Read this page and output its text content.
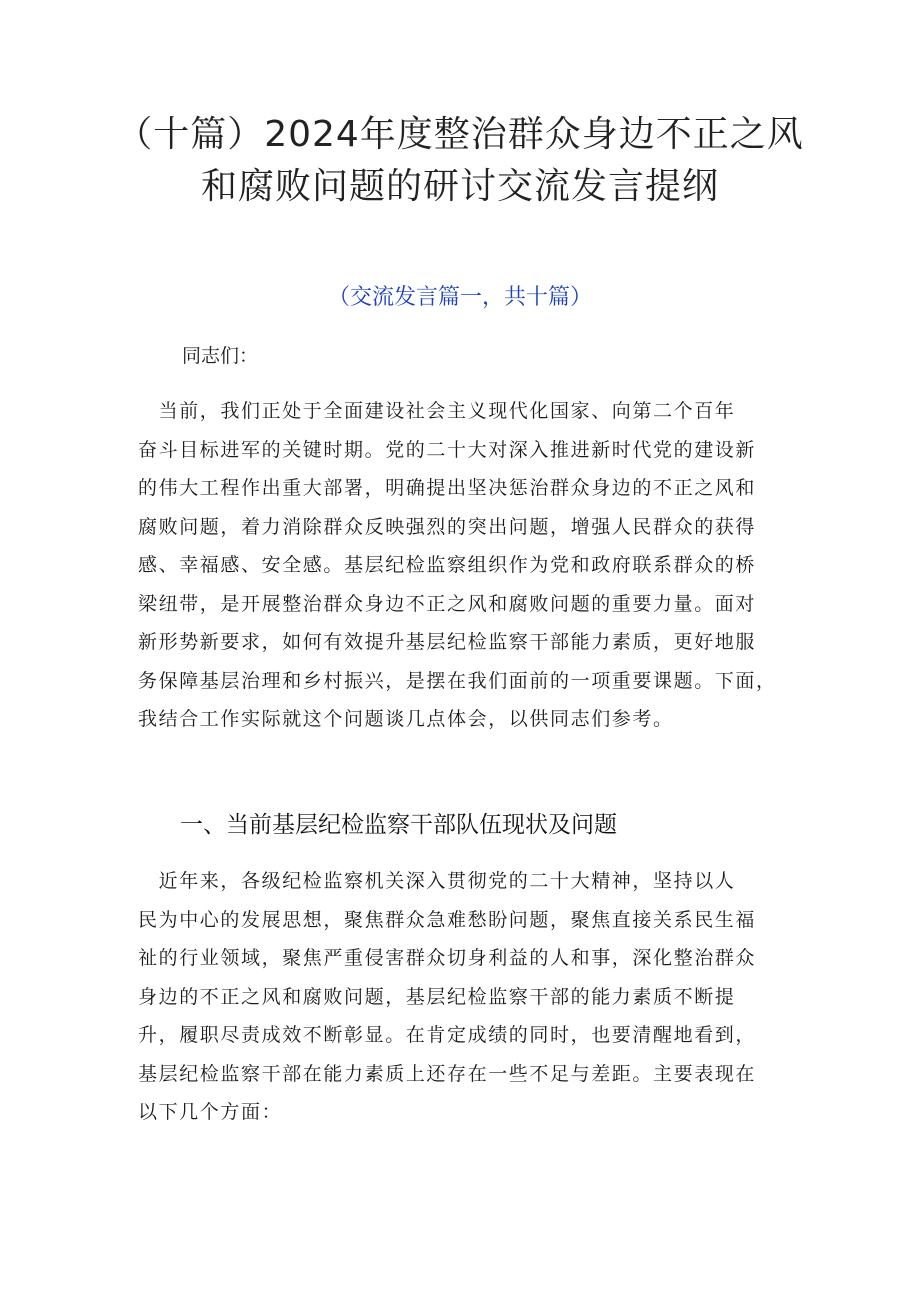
（十篇）2024年度整治群众身边不正之风
和腐败问题的研讨交流发言提纲
（交流发言篇一，共十篇）
同志们：
　当前，我们正处于全面建设社会主义现代化国家、向第二个百年
奋斗目标进军的关键时期。党的二十大对深入推进新时代党的建设新
的伟大工程作出重大部署，明确提出坚决惩治群众身边的不正之风和
腐败问题，着力消除群众反映强烈的突出问题，增强人民群众的获得
感、幸福感、安全感。基层纪检监察组织作为党和政府联系群众的桥
梁纽带，是开展整治群众身边不正之风和腐败问题的重要力量。面对
新形势新要求，如何有效提升基层纪检监察干部能力素质，更好地服
务保障基层治理和乡村振兴，是摆在我们面前的一项重要课题。下面，
我结合工作实际就这个问题谈几点体会，以供同志们参考。
一、当前基层纪检监察干部队伍现状及问题
　近年来，各级纪检监察机关深入贯彻党的二十大精神，坚持以人
民为中心的发展思想，聚焦群众急难愁盼问题，聚焦直接关系民生福
祉的行业领域，聚焦严重侵害群众切身利益的人和事，深化整治群众
身边的不正之风和腐败问题，基层纪检监察干部的能力素质不断提
升，履职尽责成效不断彰显。在肯定成绩的同时，也要清醒地看到，
基层纪检监察干部在能力素质上还存在一些不足与差距。主要表现在
以下几个方面：
